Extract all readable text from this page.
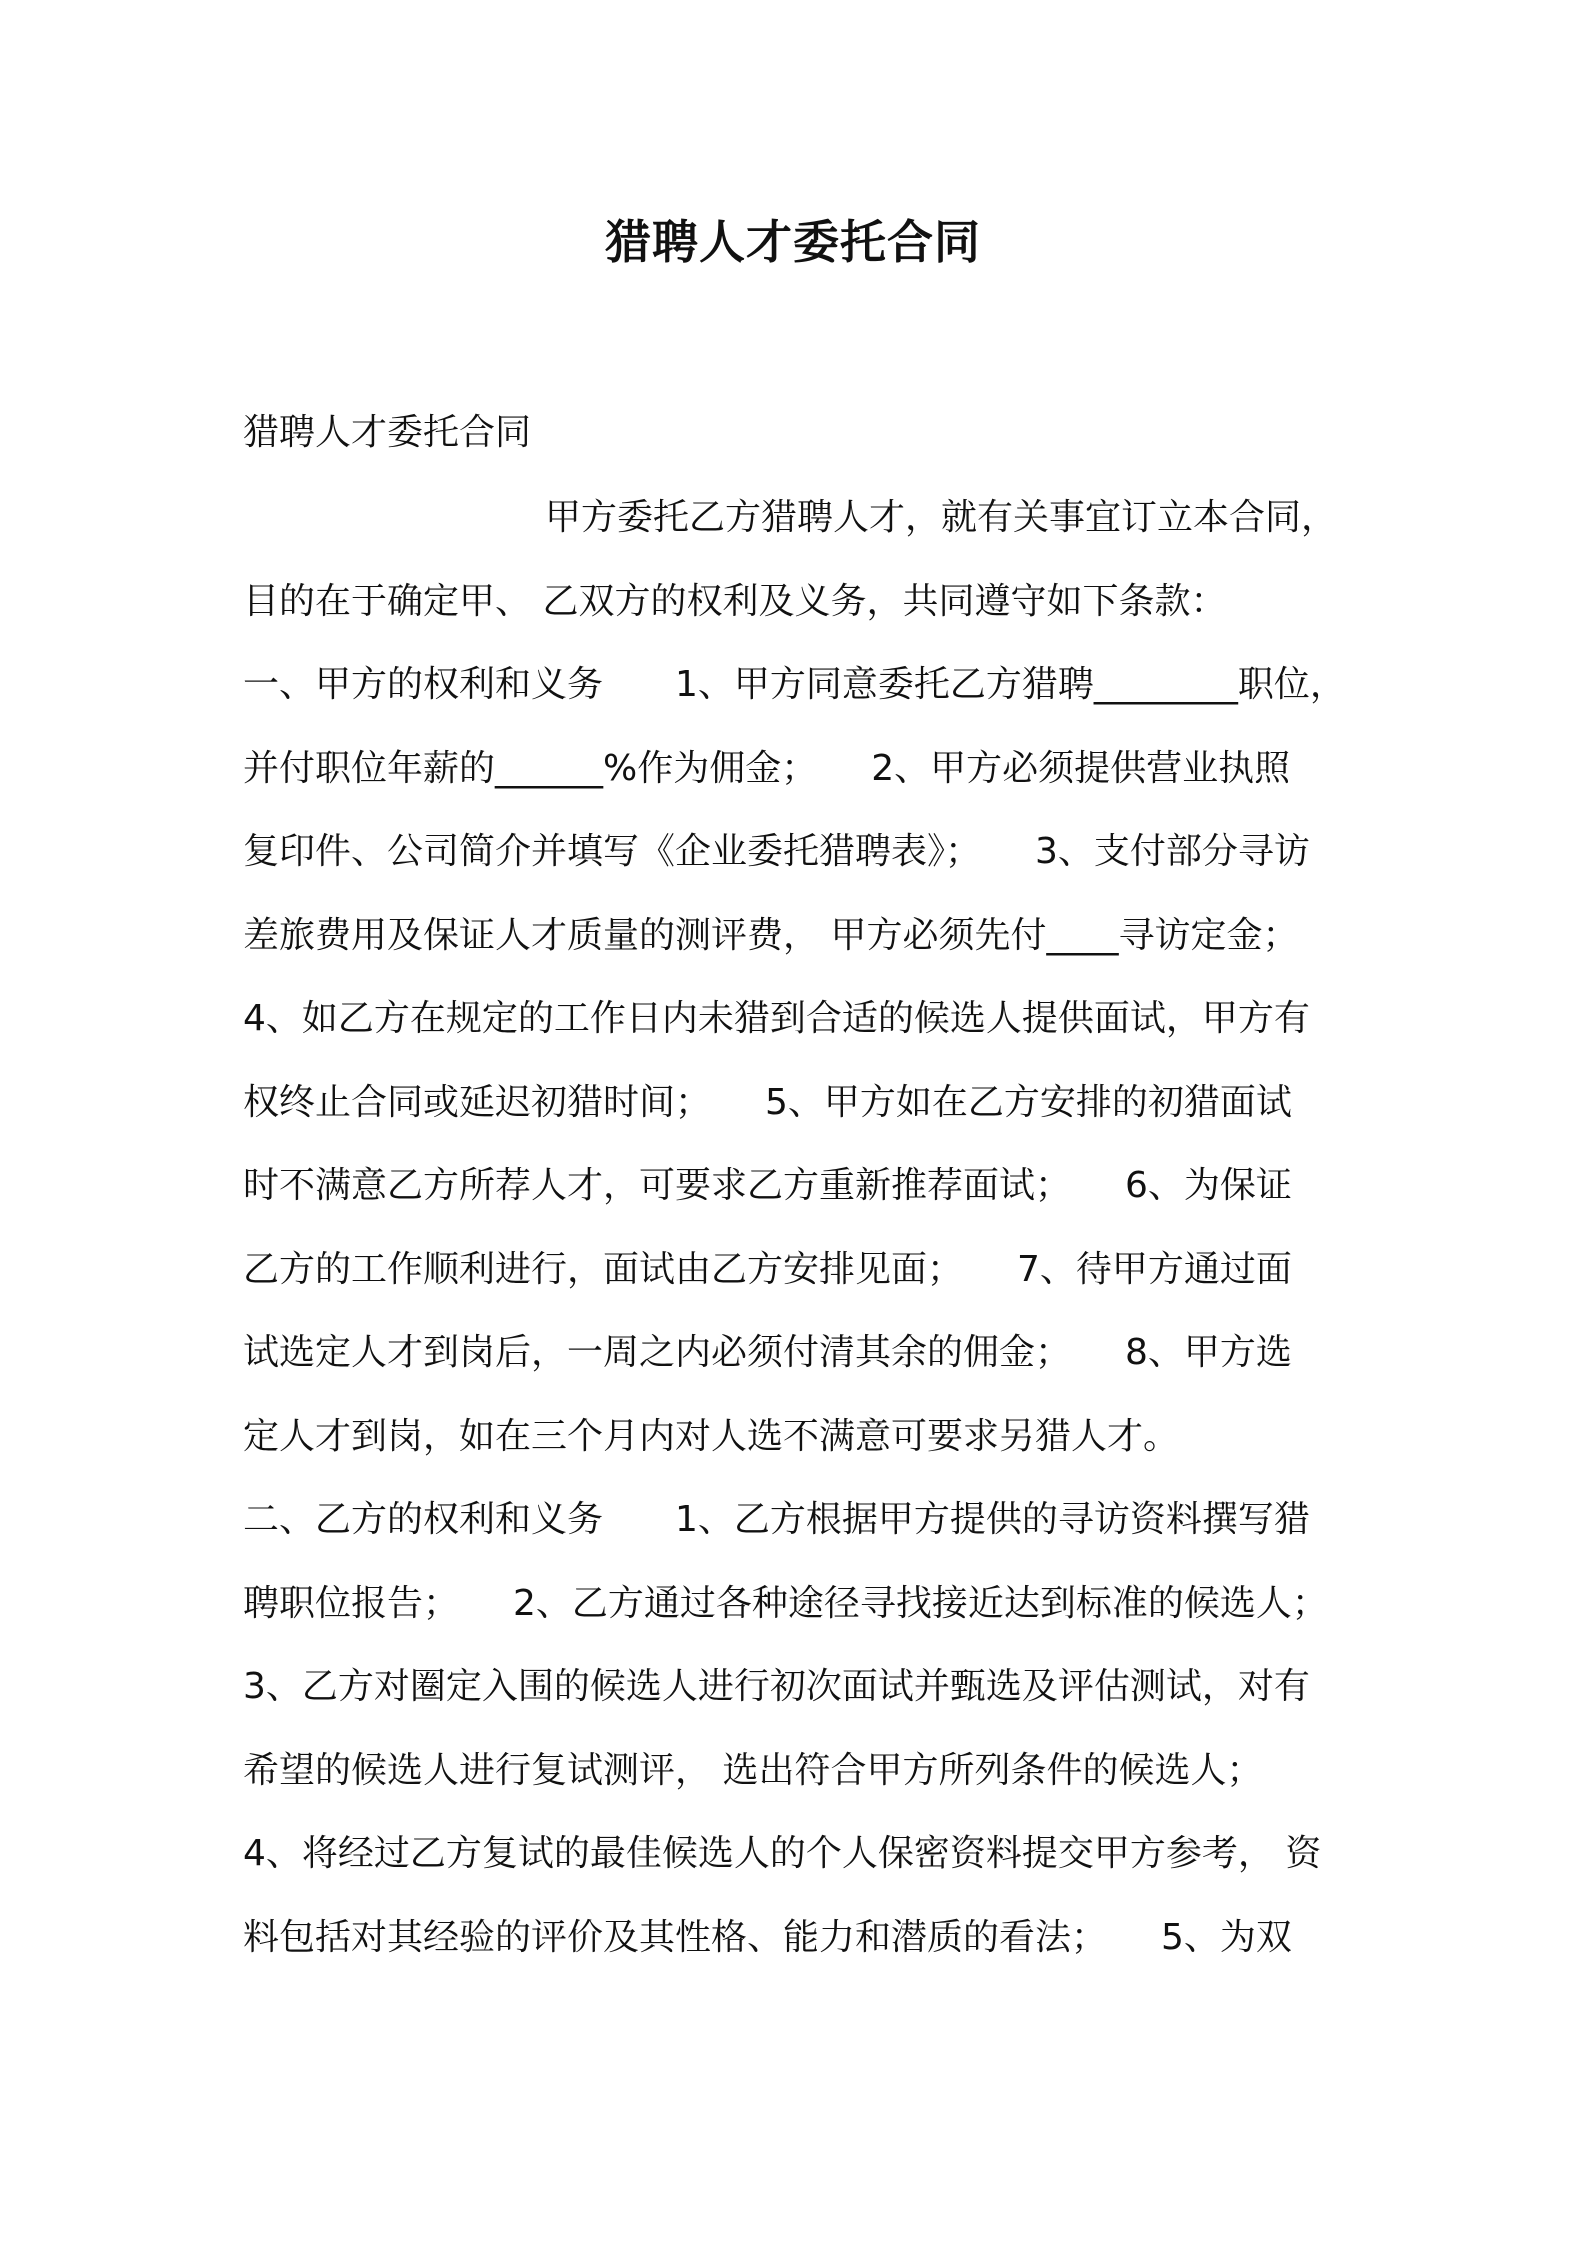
猎聘人才委托合同
猎聘人才委托合同
甲方委托乙方猎聘人才，就有关事宜订立本合同，
目的在于确定甲、 乙双方的权利及义务，共同遵守如下条款：
一、甲方的权利和义务　　1、甲方同意委托乙方猎聘________职位，
并付职位年薪的______%作为佣金；　　2、甲方必须提供营业执照
复印件、公司简介并填写《企业委托猎聘表》；　　3、支付部分寻访
差旅费用及保证人才质量的测评费， 甲方必须先付____寻访定金；
4、如乙方在规定的工作日内未猎到合适的候选人提供面试，甲方有
权终止合同或延迟初猎时间；　　5、甲方如在乙方安排的初猎面试
时不满意乙方所荐人才，可要求乙方重新推荐面试；　　6、为保证
乙方的工作顺利进行，面试由乙方安排见面；　　7、待甲方通过面
试选定人才到岗后，一周之内必须付清其余的佣金；　　8、甲方选
定人才到岗，如在三个月内对人选不满意可要求另猎人才。
二、乙方的权利和义务　　1、乙方根据甲方提供的寻访资料撰写猎
聘职位报告；　　2、乙方通过各种途径寻找接近达到标准的候选人；
3、乙方对圈定入围的候选人进行初次面试并甄选及评估测试，对有
希望的候选人进行复试测评， 选出符合甲方所列条件的候选人；
4、将经过乙方复试的最佳候选人的个人保密资料提交甲方参考， 资
料包括对其经验的评价及其性格、能力和潜质的看法；　　5、为双
